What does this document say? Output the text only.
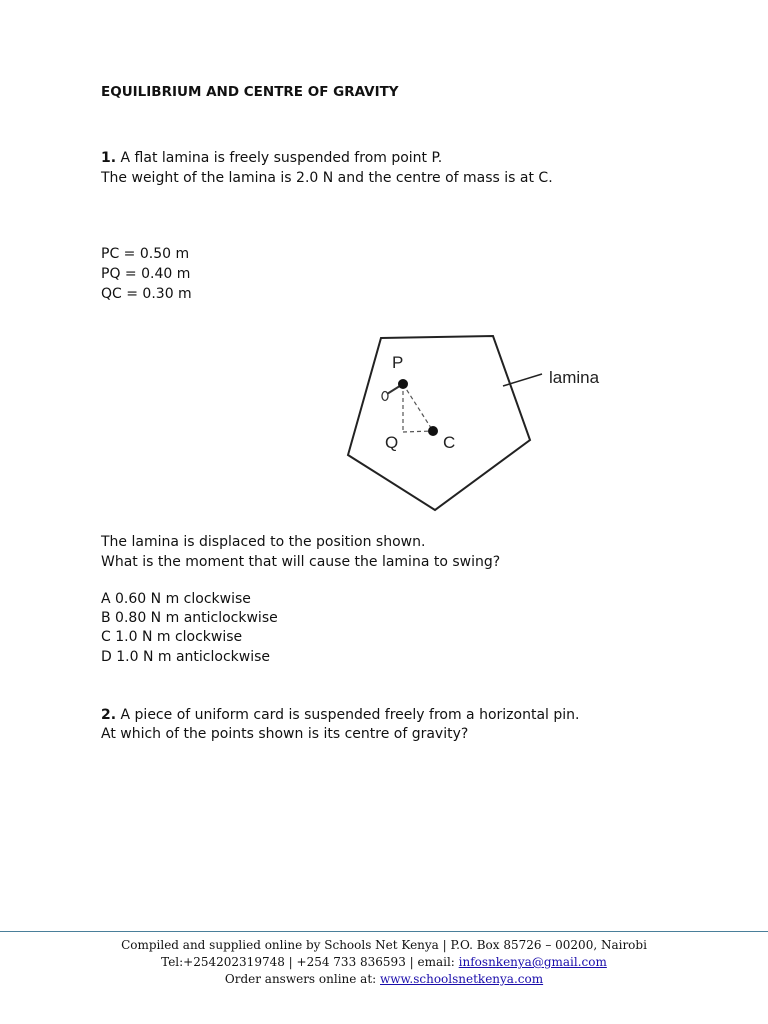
EQUILIBRIUM AND CENTRE OF GRAVITY
1. A flat lamina is freely suspended from point P.
The weight of the lamina is 2.0 N and the centre of mass is at C.
PC = 0.50 m
PQ = 0.40 m
QC = 0.30 m
lamina
P
Q	C
The lamina is displaced to the position shown.
What is the moment that will cause the lamina to swing?
A 0.60 N m clockwise
B 0.80 N m anticlockwise
C 1.0 N m clockwise
D 1.0 N m anticlockwise
2. A piece of uniform card is suspended freely from a horizontal pin.
At which of the points shown is its centre of gravity?
Compiled and supplied online by Schools Net Kenya | P.O. Box 85726 – 00200, Nairobi
Tel:+254202319748 | +254 733 836593 | email: infosnkenya@gmail.com
Order answers online at: www.schoolsnetkenya.com
